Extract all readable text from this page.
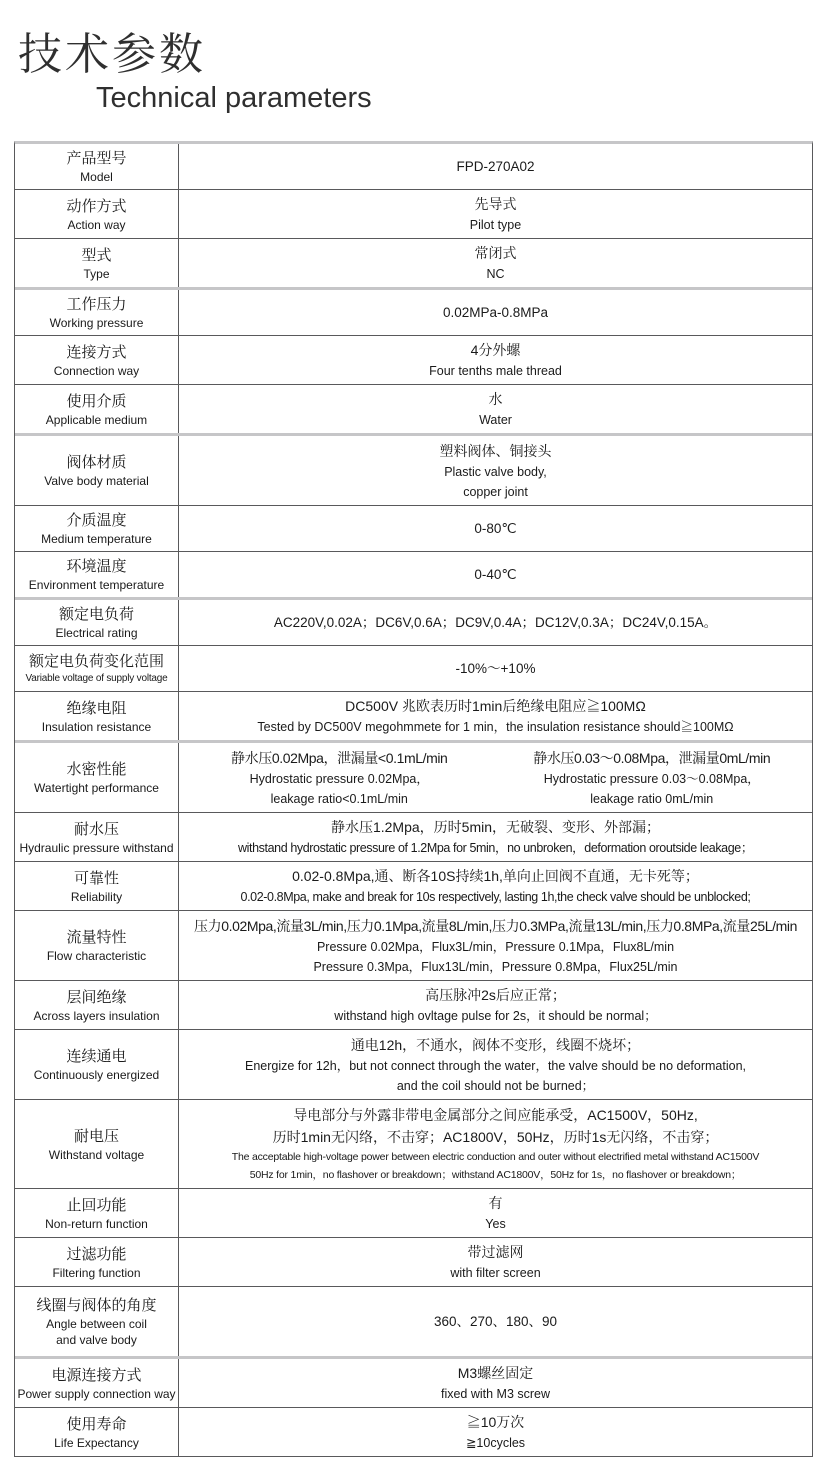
技术参数
Technical parameters
产品型号
Model
FPD-270A02
动作方式
Action way
先导式
Pilot type
型式
Type
常闭式
NC
工作压力
Working pressure
0.02MPa-0.8MPa
连接方式
Connection way
4分外螺
Four tenths male thread
使用介质
Applicable medium
水
Water
阀体材质
Valve body material
塑料阀体、铜接头
Plastic valve body,
copper joint
介质温度
Medium temperature
0-80℃
环境温度
Environment temperature
0-40℃
额定电负荷
Electrical rating
AC220V,0.02A；DC6V,0.6A；DC9V,0.4A；DC12V,0.3A；DC24V,0.15A。
额定电负荷变化范围
Variable voltage of supply voltage
-10%～+10%
绝缘电阻
Insulation resistance
DC500V 兆欧表历时1min后绝缘电阻应≧100MΩ
Tested by DC500V megohmmete for 1 min，the insulation resistance should≧100MΩ
水密性能
Watertight performance
静水压0.02Mpa，泄漏量<0.1mL/min
Hydrostatic pressure 0.02Mpa，
leakage ratio<0.1mL/min
静水压0.03～0.08Mpa，泄漏量0mL/min
Hydrostatic pressure 0.03～0.08Mpa，
leakage ratio 0mL/min
耐水压
Hydraulic pressure withstand
静水压1.2Mpa，历时5min，无破裂、变形、外部漏；
withstand hydrostatic pressure of 1.2Mpa for 5min，no unbroken，deformation oroutside leakage；
可靠性
Reliability
0.02-0.8Mpa,通、断各10S持续1h,单向止回阀不直通，无卡死等；
0.02-0.8Mpa, make and break for 10s respectively, lasting 1h,the check valve should be unblocked;
流量特性
Flow characteristic
压力0.02Mpa,流量3L/min,压力0.1Mpa,流量8L/min,压力0.3MPa,流量13L/min,压力0.8MPa,流量25L/min
Pressure 0.02Mpa，Flux3L/min，Pressure 0.1Mpa，Flux8L/min
Pressure 0.3Mpa，Flux13L/min，Pressure 0.8Mpa，Flux25L/min
层间绝缘
Across layers insulation
高压脉冲2s后应正常；
withstand high ovltage pulse for 2s，it should be normal；
连续通电
Continuously energized
通电12h，不通水，阀体不变形，线圈不烧坏；
Energize for 12h，but not connect through the water，the valve should be no deformation,
and the coil should not be burned；
耐电压
Withstand voltage
导电部分与外露非带电金属部分之间应能承受，AC1500V，50Hz,
历时1min无闪络，不击穿；AC1800V，50Hz，历时1s无闪络，不击穿；
The acceptable high-voltage power between electric conduction and outer without electrified metal withstand AC1500V
50Hz for 1min，no flashover or breakdown；withstand AC1800V，50Hz for 1s，no flashover or breakdown；
止回功能
Non-return function
有
Yes
过滤功能
Filtering function
带过滤网
with filter screen
线圈与阀体的角度
Angle between coil
and valve body
360、270、180、90
电源连接方式
Power supply connection way
M3螺丝固定
fixed with M3 screw
使用寿命
Life Expectancy
≧10万次
≧10cycles
